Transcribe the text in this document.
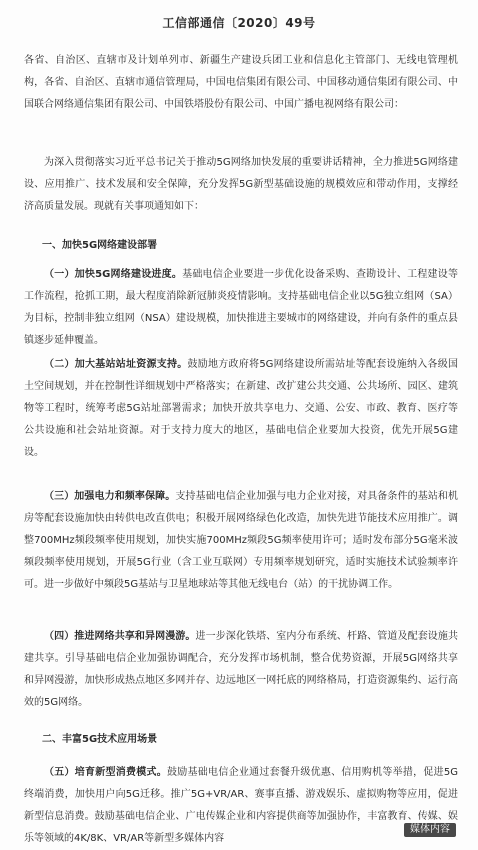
工信部通信〔2020〕49号
各省、自治区、直辖市及计划单列市、新疆生产建设兵团工业和信息化主管部门、无线电管理机构，各省、自治区、直辖市通信管理局，中国电信集团有限公司、中国移动通信集团有限公司、中国联合网络通信集团有限公司、中国铁塔股份有限公司、中国广播电视网络有限公司：
为深入贯彻落实习近平总书记关于推动5G网络加快发展的重要讲话精神，全力推进5G网络建设、应用推广、技术发展和安全保障，充分发挥5G新型基础设施的规模效应和带动作用，支撑经济高质量发展。现就有关事项通知如下：
一、加快5G网络建设部署
（一）加快5G网络建设进度。基础电信企业要进一步优化设备采购、查勘设计、工程建设等工作流程，抢抓工期，最大程度消除新冠肺炎疫情影响。支持基础电信企业以5G独立组网（SA）为目标，控制非独立组网（NSA）建设规模，加快推进主要城市的网络建设，并向有条件的重点县镇逐步延伸覆盖。
（二）加大基站站址资源支持。鼓励地方政府将5G网络建设所需站址等配套设施纳入各级国土空间规划，并在控制性详细规划中严格落实；在新建、改扩建公共交通、公共场所、园区、建筑物等工程时，统筹考虑5G站址部署需求；加快开放共享电力、交通、公安、市政、教育、医疗等公共设施和社会站址资源。对于支持力度大的地区，基础电信企业要加大投资，优先开展5G建设。
（三）加强电力和频率保障。支持基础电信企业加强与电力企业对接，对具备条件的基站和机房等配套设施加快由转供电改直供电；积极开展网络绿色化改造，加快先进节能技术应用推广。调整700MHz频段频率使用规划，加快实施700MHz频段5G频率使用许可；适时发布部分5G毫米波频段频率使用规划，开展5G行业（含工业互联网）专用频率规划研究，适时实施技术试验频率许可。进一步做好中频段5G基站与卫星地球站等其他无线电台（站）的干扰协调工作。
（四）推进网络共享和异网漫游。进一步深化铁塔、室内分布系统、杆路、管道及配套设施共建共享。引导基础电信企业加强协调配合，充分发挥市场机制，整合优势资源，开展5G网络共享和异网漫游，加快形成热点地区多网并存、边远地区一网托底的网络格局，打造资源集约、运行高效的5G网络。
二、丰富5G技术应用场景
（五）培育新型消费模式。鼓励基础电信企业通过套餐升级优惠、信用购机等举措，促进5G终端消费，加快用户向5G迁移。推广5G+VR/AR、赛事直播、游戏娱乐、虚拟购物等应用，促进新型信息消费。鼓励基础电信企业、广电传媒企业和内容提供商等加强协作，丰富教育、传媒、娱乐等领域的4K/8K、VR/AR等新型多媒体内容
媒体内容
